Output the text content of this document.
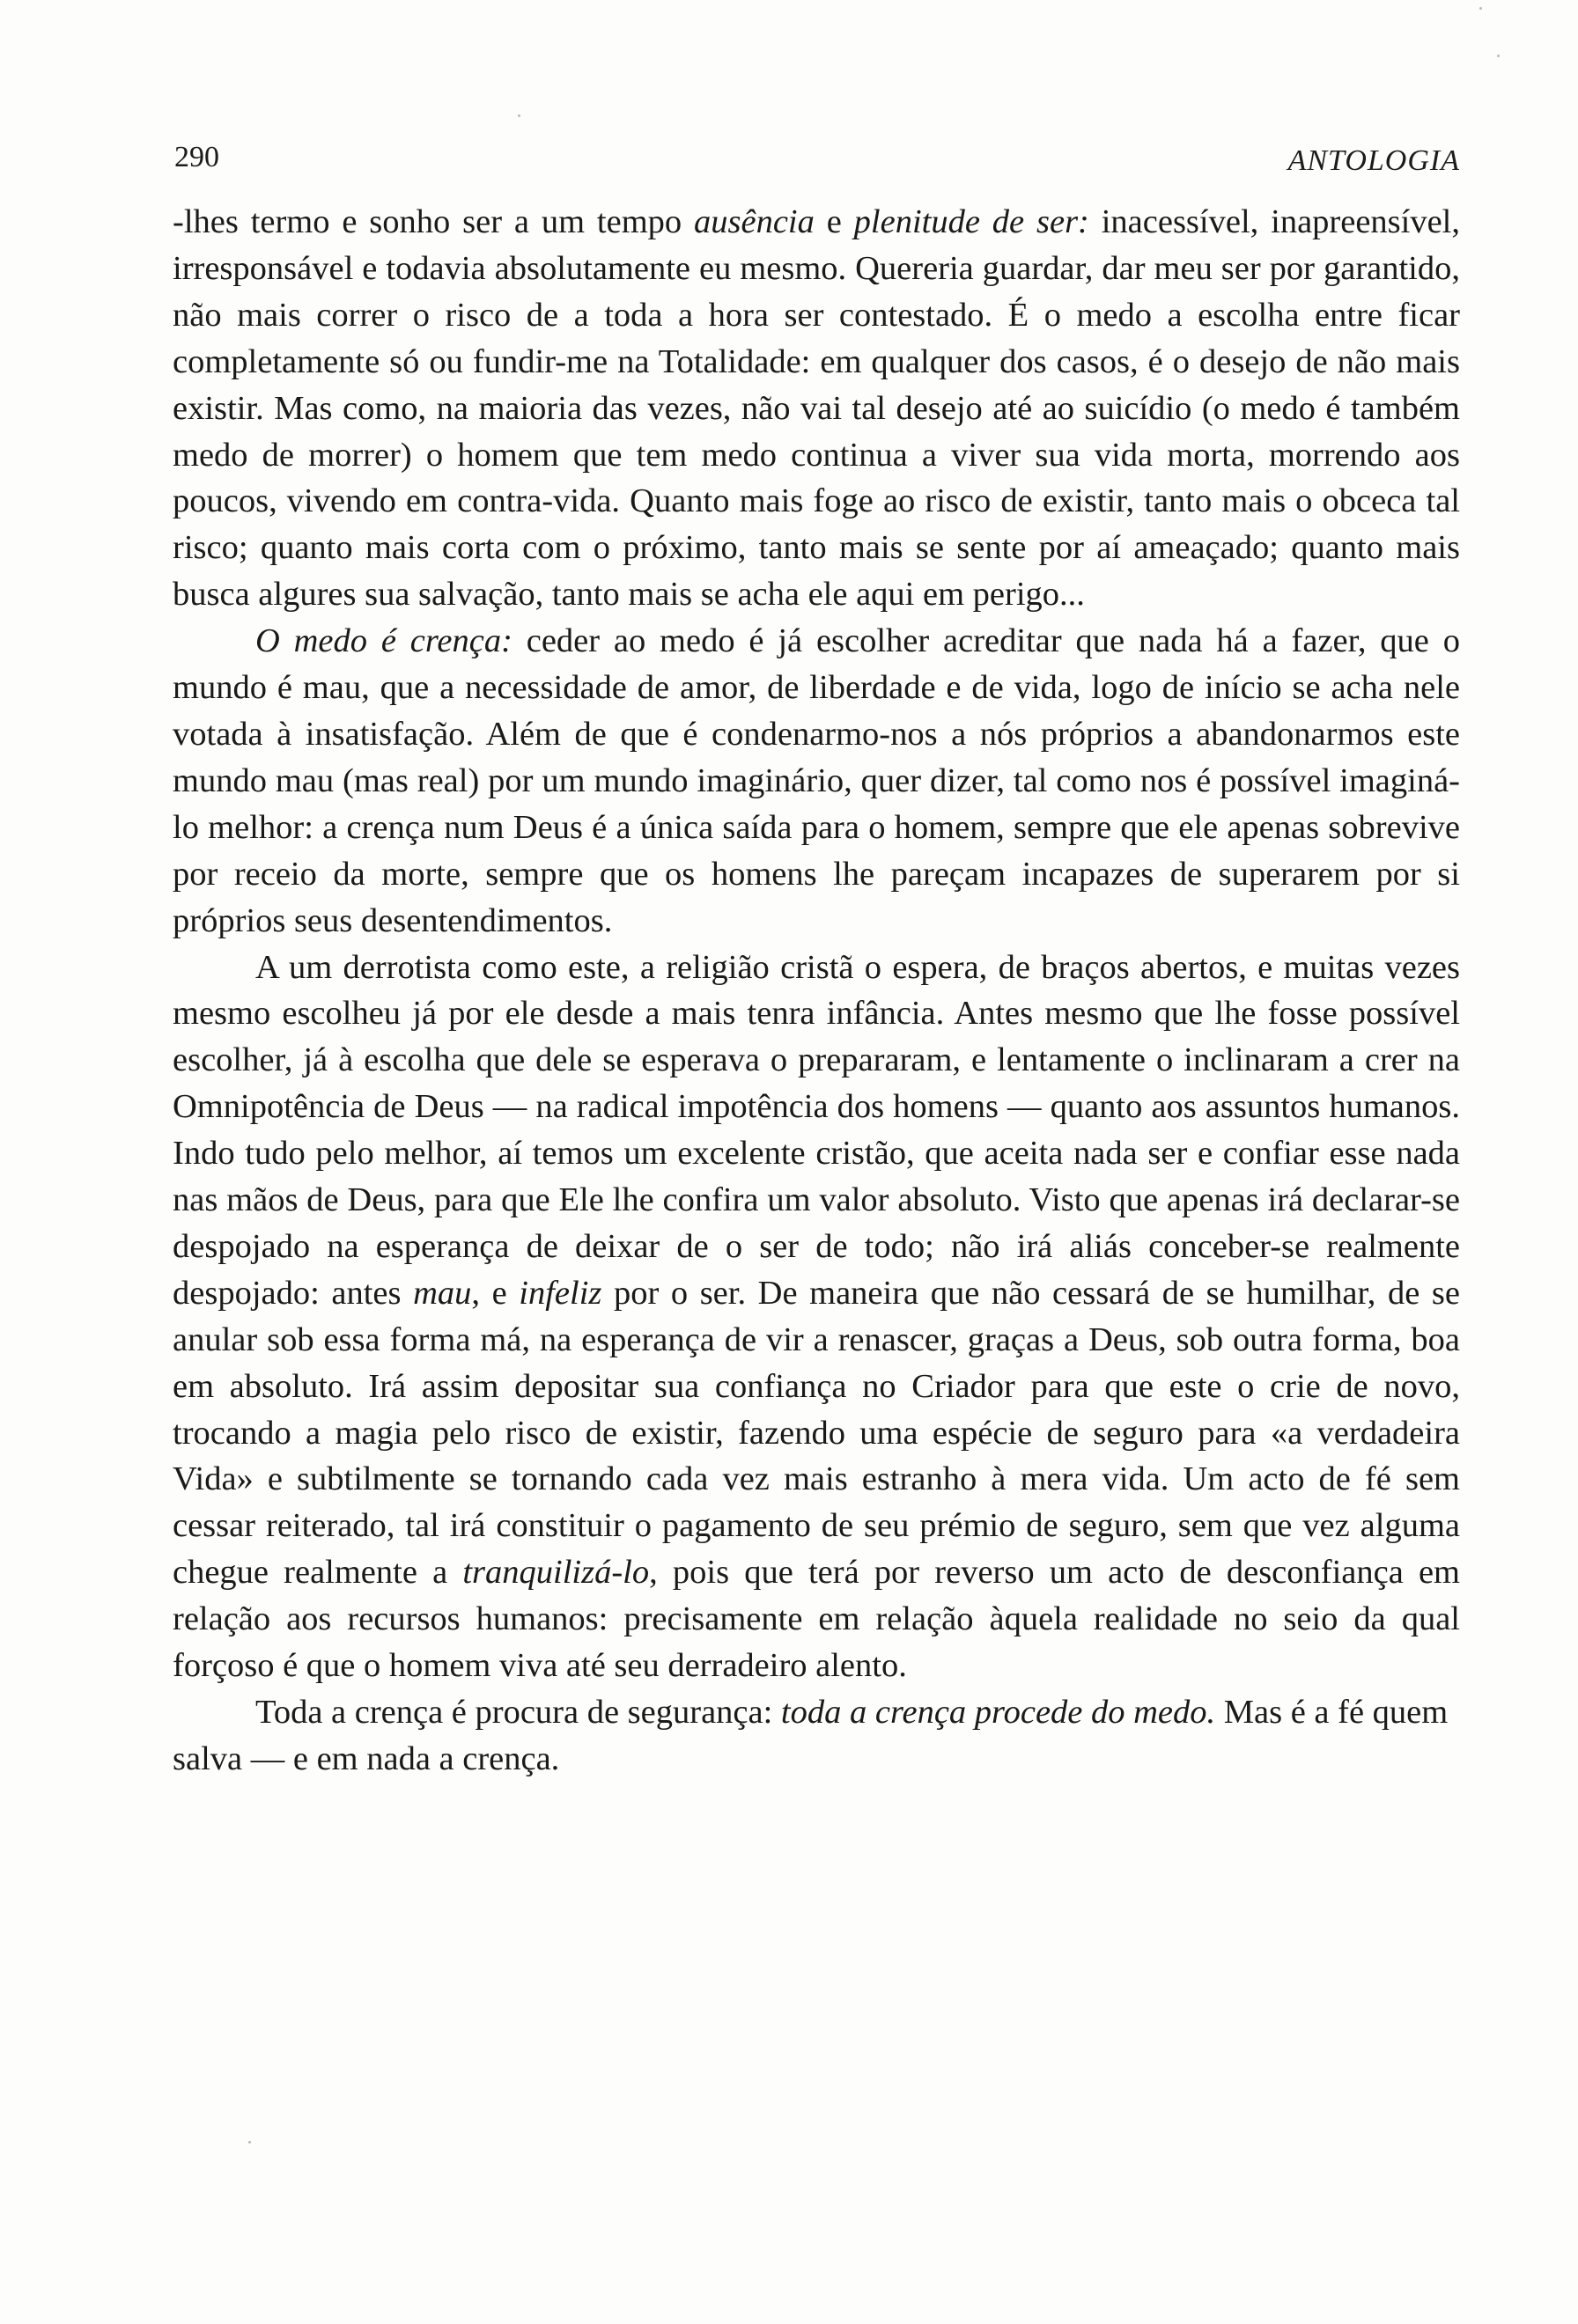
290	ANTOLOGIA

-lhes termo e sonho ser a um tempo ausência e plenitude de ser: inacessível, inapreensível, irresponsável e todavia absolutamente eu mesmo. Quereria guardar, dar meu ser por garantido, não mais correr o risco de a toda a hora ser contestado. É o medo a escolha entre ficar completamente só ou fundir-me na Totalidade: em qualquer dos casos, é o desejo de não mais existir. Mas como, na maioria das vezes, não vai tal desejo até ao suicídio (o medo é também medo de morrer) o homem que tem medo continua a viver sua vida morta, morrendo aos poucos, vivendo em contra-vida. Quanto mais foge ao risco de existir, tanto mais o obceca tal risco; quanto mais corta com o próximo, tanto mais se sente por aí ameaçado; quanto mais busca algures sua salvação, tanto mais se acha ele aqui em perigo...

O medo é crença: ceder ao medo é já escolher acreditar que nada há a fazer, que o mundo é mau, que a necessidade de amor, de liberdade e de vida, logo de início se acha nele votada à insatisfação. Além de que é condenarmo-nos a nós próprios a abandonarmos este mundo mau (mas real) por um mundo imaginário, quer dizer, tal como nos é possível imaginá-lo melhor: a crença num Deus é a única saída para o homem, sempre que ele apenas sobrevive por receio da morte, sempre que os homens lhe pareçam incapazes de superarem por si próprios seus desentendimentos.

A um derrotista como este, a religião cristã o espera, de braços abertos, e muitas vezes mesmo escolheu já por ele desde a mais tenra infância. Antes mesmo que lhe fosse possível escolher, já à escolha que dele se esperava o prepararam, e lentamente o inclinaram a crer na Omnipotência de Deus — na radical impotência dos homens — quanto aos assuntos humanos. Indo tudo pelo melhor, aí temos um excelente cristão, que aceita nada ser e confiar esse nada nas mãos de Deus, para que Ele lhe confira um valor absoluto. Visto que apenas irá declarar-se despojado na esperança de deixar de o ser de todo; não irá aliás conceber-se realmente despojado: antes mau, e infeliz por o ser. De maneira que não cessará de se humilhar, de se anular sob essa forma má, na esperança de vir a renascer, graças a Deus, sob outra forma, boa em absoluto. Irá assim depositar sua confiança no Criador para que este o crie de novo, trocando a magia pelo risco de existir, fazendo uma espécie de seguro para «a verdadeira Vida» e subtilmente se tornando cada vez mais estranho à mera vida. Um acto de fé sem cessar reiterado, tal irá constituir o pagamento de seu prémio de seguro, sem que vez alguma chegue realmente a tranquilizá-lo, pois que terá por reverso um acto de desconfiança em relação aos recursos humanos: precisamente em relação àquela realidade no seio da qual forçoso é que o homem viva até seu derradeiro alento.

Toda a crença é procura de segurança: toda a crença procede do medo. Mas é a fé quem salva — e em nada a crença.
